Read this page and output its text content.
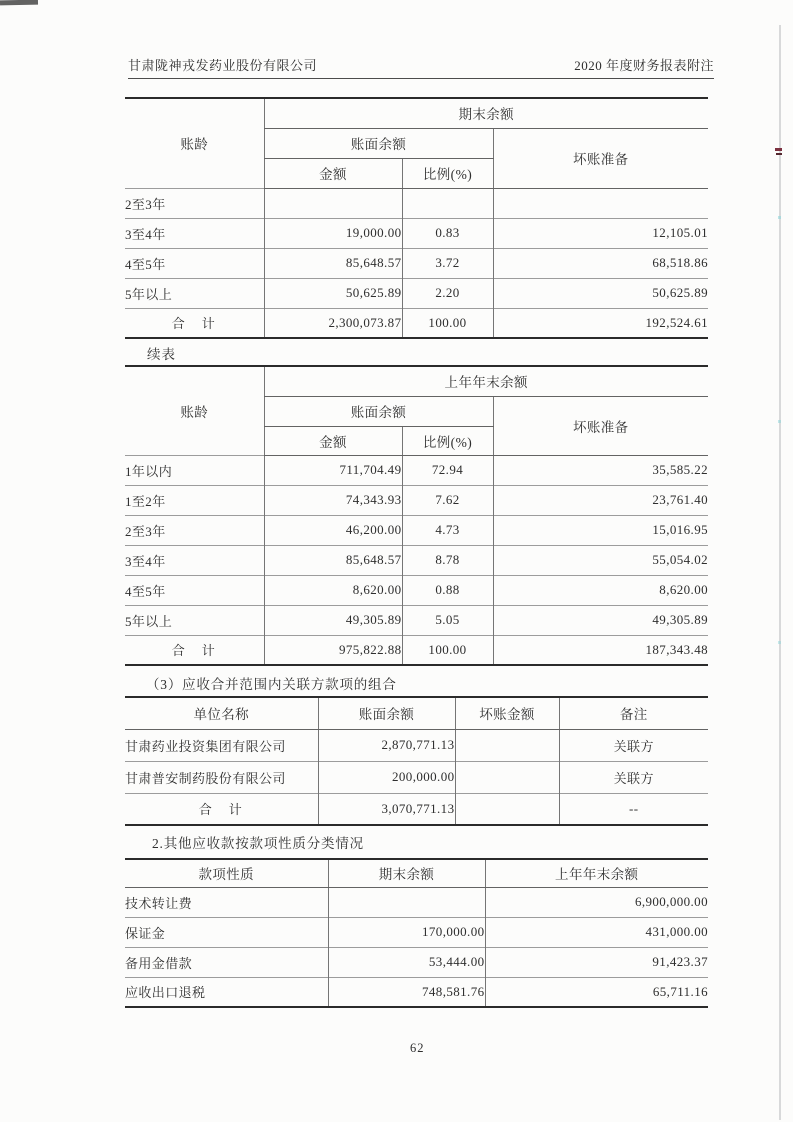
甘肃陇神戎发药业股份有限公司	2020 年度财务报表附注
账龄	期末余额		
	账面余额		坏账准备
	金额	比例(%)	
2至3年			
3至4年	19,000.00	0.83	12,105.01
4至5年	85,648.57	3.72	68,518.86
5年以上	50,625.89	2.20	50,625.89
合　计	2,300,073.87	100.00	192,524.61
续表
账龄	上年年末余额		
	账面余额		坏账准备
	金额	比例(%)	
1年以内	711,704.49	72.94	35,585.22
1至2年	74,343.93	7.62	23,761.40
2至3年	46,200.00	4.73	15,016.95
3至4年	85,648.57	8.78	55,054.02
4至5年	8,620.00	0.88	8,620.00
5年以上	49,305.89	5.05	49,305.89
合　计	975,822.88	100.00	187,343.48
（3）应收合并范围内关联方款项的组合
单位名称	账面余额	坏账金额	备注
甘肃药业投资集团有限公司	2,870,771.13		关联方
甘肃普安制药股份有限公司	200,000.00		关联方
合　计	3,070,771.13		--
2.其他应收款按款项性质分类情况
款项性质	期末余额	上年年末余额
技术转让费		6,900,000.00
保证金	170,000.00	431,000.00
备用金借款	53,444.00	91,423.37
应收出口退税	748,581.76	65,711.16
62
